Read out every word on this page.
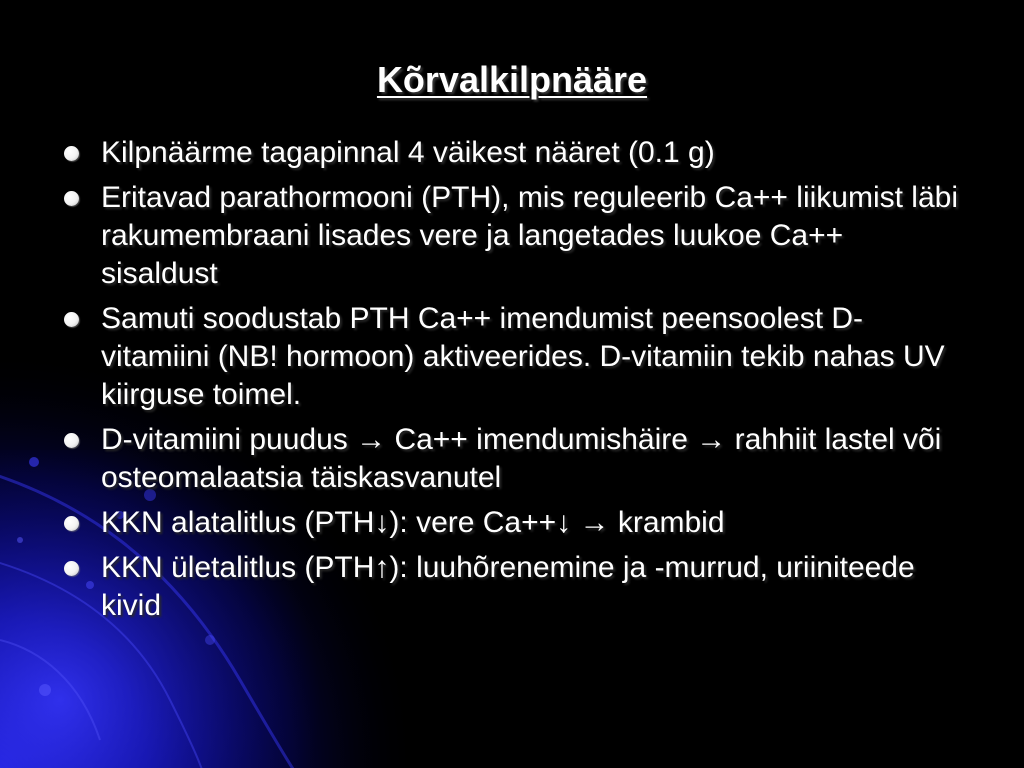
Kõrvalkilpnääre
Kilpnäärme tagapinnal 4 väikest nääret (0.1 g)
Eritavad parathormooni (PTH), mis reguleerib Ca++ liikumist läbi rakumembraani lisades vere ja langetades luukoe Ca++ sisaldust
Samuti soodustab PTH Ca++ imendumist peensoolest D-vitamiini (NB! hormoon) aktiveerides. D-vitamiin tekib nahas UV kiirguse toimel.
D-vitamiini puudus → Ca++ imendumishäire → rahhiit lastel või osteomalaatsia täiskasvanutel
KKN alatalitlus (PTH↓): vere Ca++↓ → krambid
KKN ületalitlus (PTH↑): luuhõrenemine ja -murrud, uriiniteede kivid
